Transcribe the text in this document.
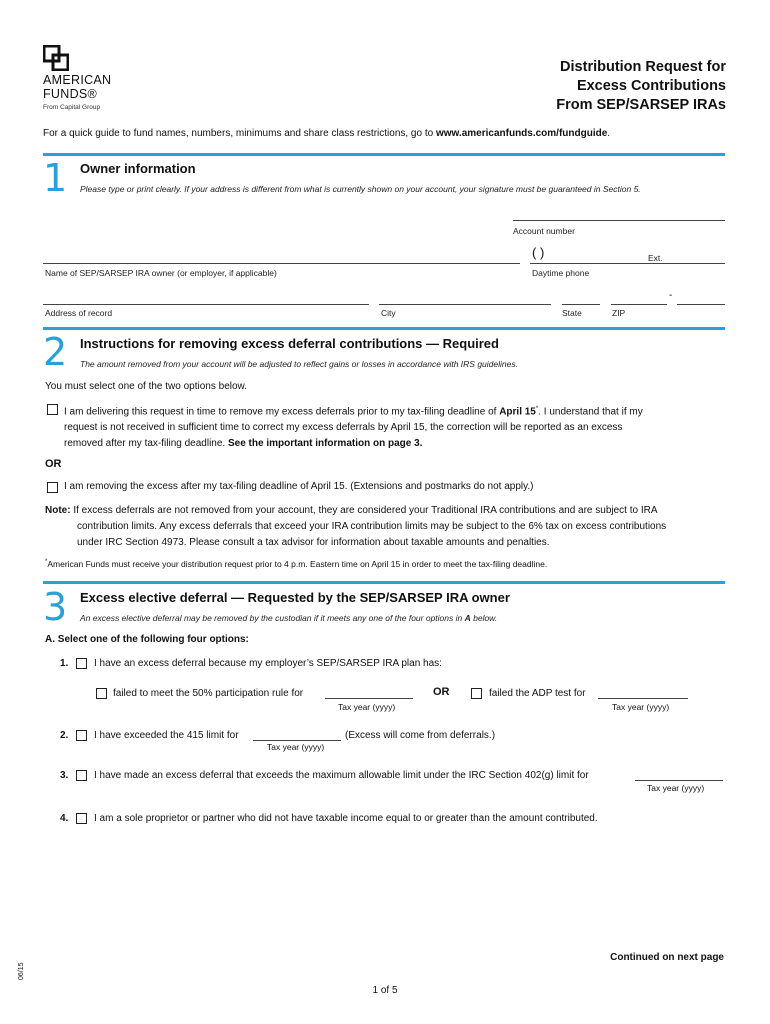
AMERICAN
FUNDS®
From Capital Group
Distribution Request for
Excess Contributions
From SEP/SARSEP IRAs
For a quick guide to fund names, numbers, minimums and share class restrictions, go to www.americanfunds.com/fundguide.
1 Owner information
Please type or print clearly. If your address is different from what is currently shown on your account, your signature must be guaranteed in Section 5.
Account number
( )	Ext.
Name of SEP/SARSEP IRA owner (or employer, if applicable)	Daytime phone
-
Address of record	City	State	ZIP
2 Instructions for removing excess deferral contributions — Required
The amount removed from your account will be adjusted to reflect gains or losses in accordance with IRS guidelines.
You must select one of the two options below.
I am delivering this request in time to remove my excess deferrals prior to my tax-filing deadline of April 15*. I understand that if my
request is not received in sufficient time to correct my excess deferrals by April 15, the correction will be reported as an excess
removed after my tax-filing deadline. See the important information on page 3.
OR
I am removing the excess after my tax-filing deadline of April 15. (Extensions and postmarks do not apply.)
Note: If excess deferrals are not removed from your account, they are considered your Traditional IRA contributions and are subject to IRA
contribution limits. Any excess deferrals that exceed your IRA contribution limits may be subject to the 6% tax on excess contributions
under IRC Section 4973. Please consult a tax advisor for information about taxable amounts and penalties.
*American Funds must receive your distribution request prior to 4 p.m. Eastern time on April 15 in order to meet the tax-filing deadline.
3 Excess elective deferral — Requested by the SEP/SARSEP IRA owner
An excess elective deferral may be removed by the custodian if it meets any one of the four options in A below.
A. Select one of the following four options:
1.	I have an excess deferral because my employer’s SEP/SARSEP IRA plan has:
failed to meet the 50% participation rule for
Tax year (yyyy)
OR	failed the ADP test for
Tax year (yyyy)
2.	I have exceeded the 415 limit for	(Excess will come from deferrals.)
Tax year (yyyy)
3.	I have made an excess deferral that exceeds the maximum allowable limit under the IRC Section 402(g) limit for
Tax year (yyyy)
4.	I am a sole proprietor or partner who did not have taxable income equal to or greater than the amount contributed.
Continued on next page
1 of 5
06/15
